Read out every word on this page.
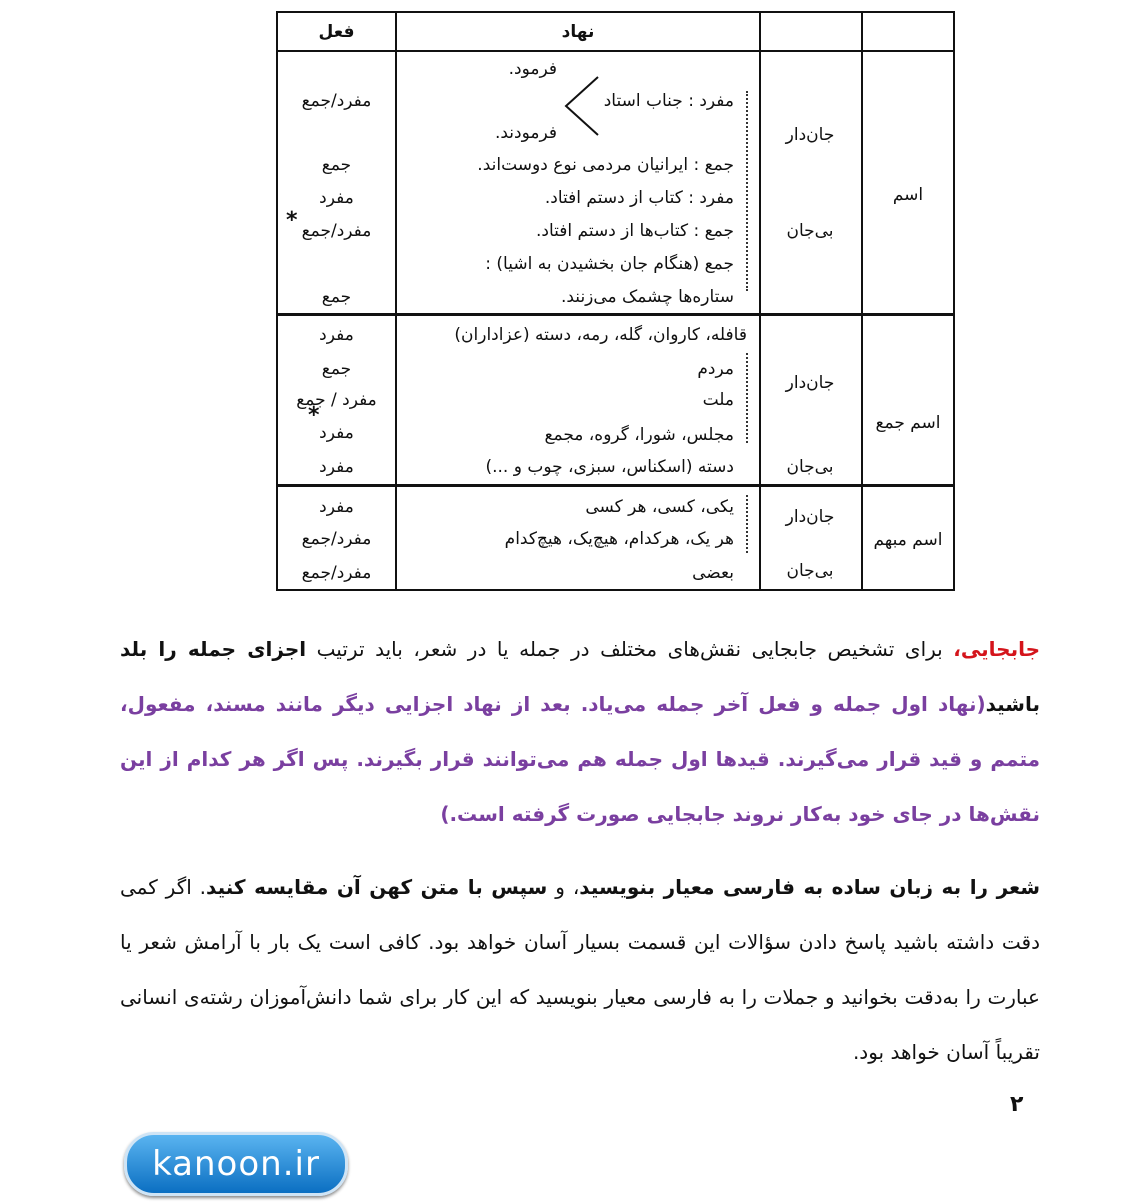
فعل	نهاد
اسم
اسم جمع
اسم مبهم
جان‌دار
بی‌جان
جان‌دار
بی‌جان
جان‌دار
بی‌جان
مفرد : جناب استاد
فرمود.
فرمودند.
جمع : ایرانیان مردمی نوع دوست‌اند.
مفرد : کتاب از دستم افتاد.
جمع : کتاب‌ها از دستم افتاد.
جمع (هنگام جان بخشیدن به اشیا) :
ستاره‌ها چشمک می‌زنند.
مفرد/جمع
جمع
مفرد
مفرد/جمع
*
جمع
قافله، کاروان، گله، رمه، دسته (عزاداران)
مردم
ملت
مجلس، شورا، گروه، مجمع
دسته (اسکناس، سبزی، چوب و ...)
مفرد
جمع
مفرد / جمع
*
مفرد
مفرد
یکی، کسی، هر کسی
هر یک، هرکدام، هیچ‌یک، هیچ‌کدام
بعضی
مفرد
مفرد/جمع
مفرد/جمع
جابجایی، برای تشخیص جابجایی نقش‌های مختلف در جمله یا در شعر، باید ترتیب اجزای جمله را بلد باشید(نهاد اول جمله و فعل آخر جمله می‌یاد. بعد از نهاد اجزایی دیگر مانند مسند، مفعول، متمم و قید قرار می‌گیرند. قیدها اول جمله هم می‌توانند قرار بگیرند. پس اگر هر کدام از این نقش‌ها در جای خود به‌کار نروند جابجایی صورت گرفته است.)
شعر را به زبان ساده به فارسی معیار بنویسید، و سپس با متن کهن آن مقایسه کنید. اگر کمی دقت داشته باشید پاسخ دادن سؤالات این قسمت بسیار آسان خواهد بود. کافی است یک بار با آرامش شعر یا عبارت را به‌دقت بخوانید و جملات را به فارسی معیار بنویسید که این کار برای شما دانش‌آموزان رشته‌ی انسانی تقریباً آسان خواهد بود.
۲
kanoon.ir
